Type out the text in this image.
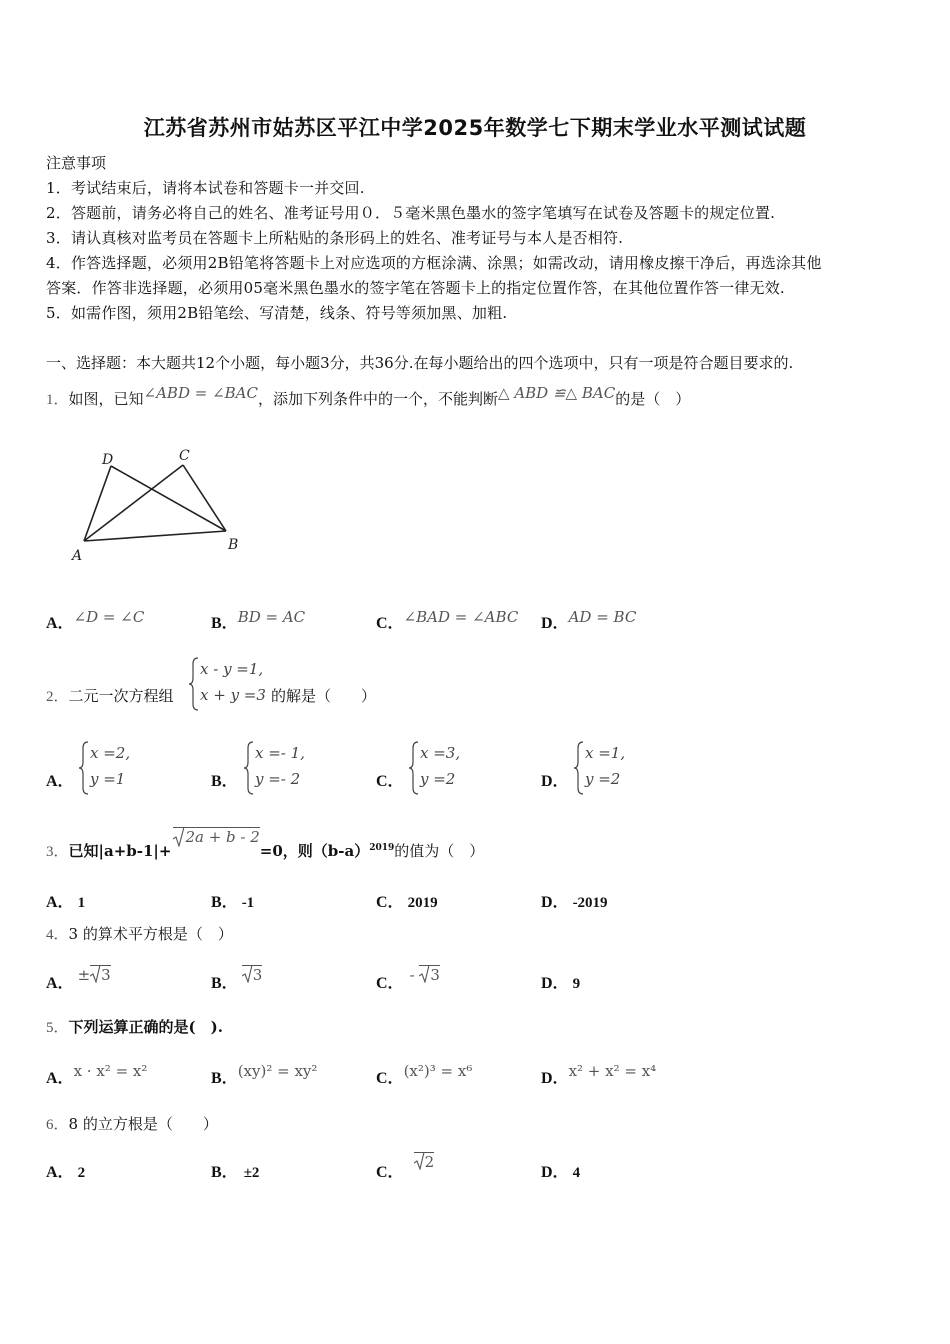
江苏省苏州市姑苏区平江中学2025年数学七下期末学业水平测试试题
注意事项
1．考试结束后，请将本试卷和答题卡一并交回.
2．答题前，请务必将自己的姓名、准考证号用０．５毫米黑色墨水的签字笔填写在试卷及答题卡的规定位置.
3．请认真核对监考员在答题卡上所粘贴的条形码上的姓名、准考证号与本人是否相符.
4．作答选择题，必须用2B铅笔将答题卡上对应选项的方框涂满、涂黑；如需改动，请用橡皮擦干净后，再选涂其他
答案．作答非选择题，必须用05毫米黑色墨水的签字笔在答题卡上的指定位置作答，在其他位置作答一律无效.
5．如需作图，须用2B铅笔绘、写清楚，线条、符号等须加黑、加粗.
一、选择题：本大题共12个小题，每小题3分，共36分.在每小题给出的四个选项中，只有一项是符合题目要求的.
1．如图，已知∠ABD = ∠BAC，添加下列条件中的一个，不能判断△ ABD ≌△ BAC的是（　）
D	C
A
B
A．∠D = ∠C	B．BD = AC	C．∠BAD = ∠ABC D．AD = BC
2．二元一次方程组
x - y =1,
x + y =3 的解是（　　）
A．
x =2,
y =1	B．
x =- 1,
y =- 2	C．
x =3,
y =2	D．
x =1,
y =2
3．已知|a+b-1|+
2a + b - 2=0，则$(b-a)^{2019}$的值为（　）
A． 1	B． -1	C． 2019	D． -2019
4．3 的算术平方根是（　）
A． ± 3	B． 3	C． -
3	D． 9
5．下列运算正确的是(　).
A．x · x² = x²	B．(xy)² = xy²	C．(x²)³ = x⁶	D．x² + x² = x⁴
6．8 的立方根是（　　）
A． 2	B． ±2	C．
2
D． 4
